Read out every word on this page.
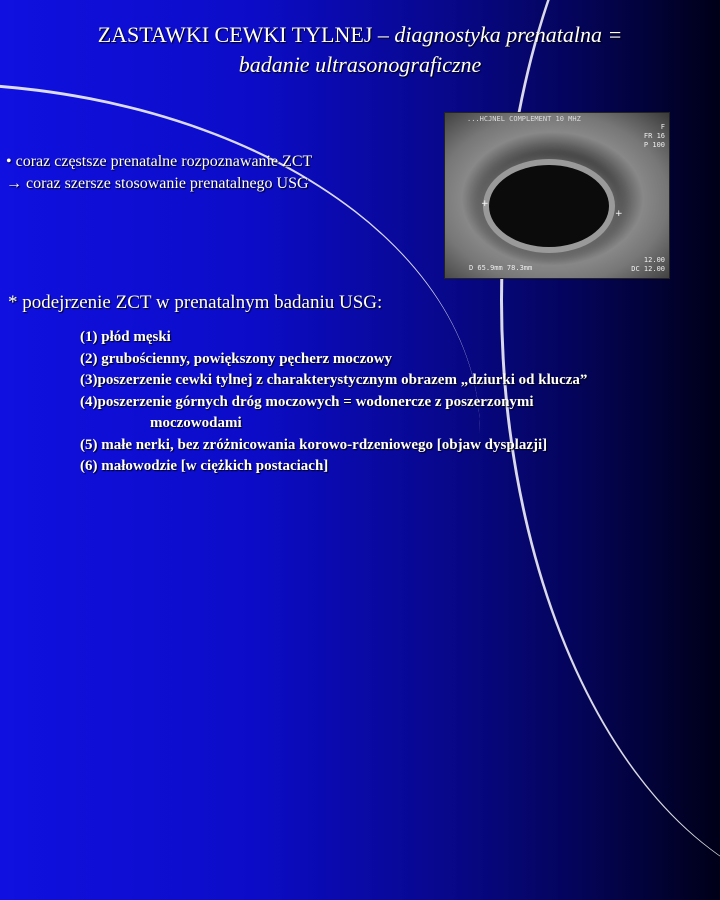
ZASTAWKI CEWKI TYLNEJ – diagnostyka prenatalna =
badanie ultrasonograficzne
• coraz częstsze prenatalne rozpoznawanie ZCT
→ coraz szersze stosowanie prenatalnego USG
...HCJNEL COMPLEMENT 10 MHZ
F
FR 16
P 100
+
+
D 65.9mm 78.3mm
12.00
DC 12.00
* podejrzenie ZCT w prenatalnym badaniu USG:
(1) płód męski
(2) grubościenny, powiększony pęcherz moczowy
(3)poszerzenie cewki tylnej z charakterystycznym obrazem „dziurki od klucza”
(4)poszerzenie górnych dróg moczowych = wodonercze z poszerzonymi
moczowodami
(5) małe nerki, bez zróżnicowania korowo-rdzeniowego [objaw dysplazji]
(6) małowodzie [w ciężkich postaciach]
